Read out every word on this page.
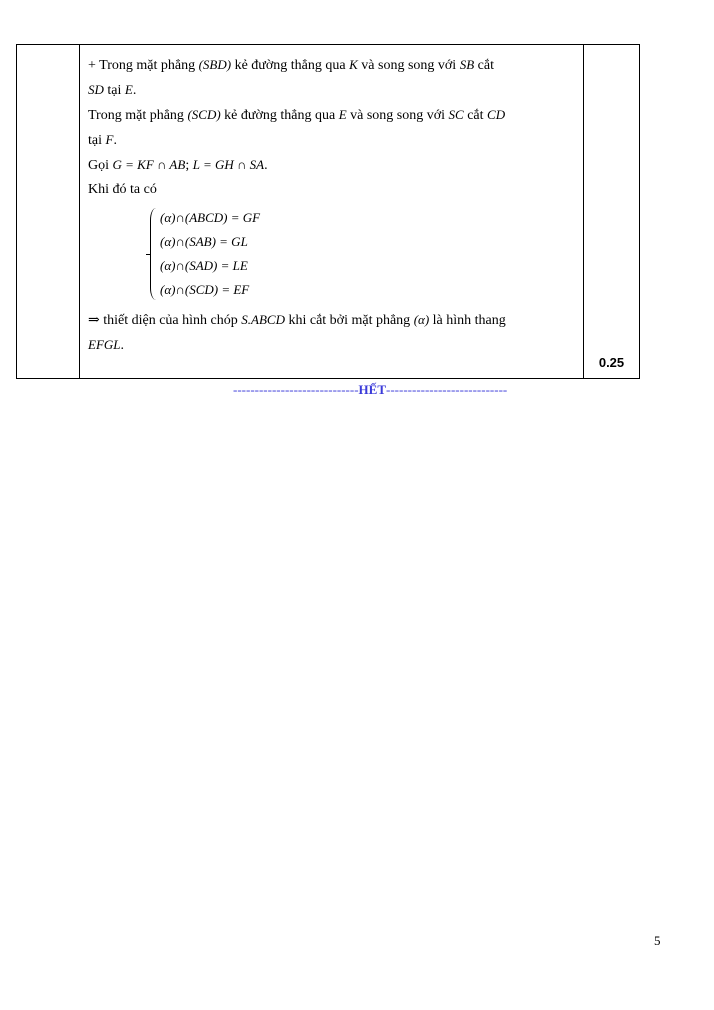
+ Trong mặt phẳng (SBD) kẻ đường thẳng qua K và song song với SB cắt
SD tại E.
Trong mặt phẳng (SCD) kẻ đường thẳng qua E và song song với SC cắt CD
tại F.
Gọi G = KF ∩ AB; L = GH ∩ SA.
Khi đó ta có
(α)∩(ABCD) = GF
(α)∩(SAB) = GL
(α)∩(SAD) = LE
(α)∩(SCD) = EF
⇒ thiết diện của hình chóp S.ABCD khi cắt bởi mặt phẳng (α) là hình thang
EFGL.

0.25
-----------------------------HẾT----------------------------
5
